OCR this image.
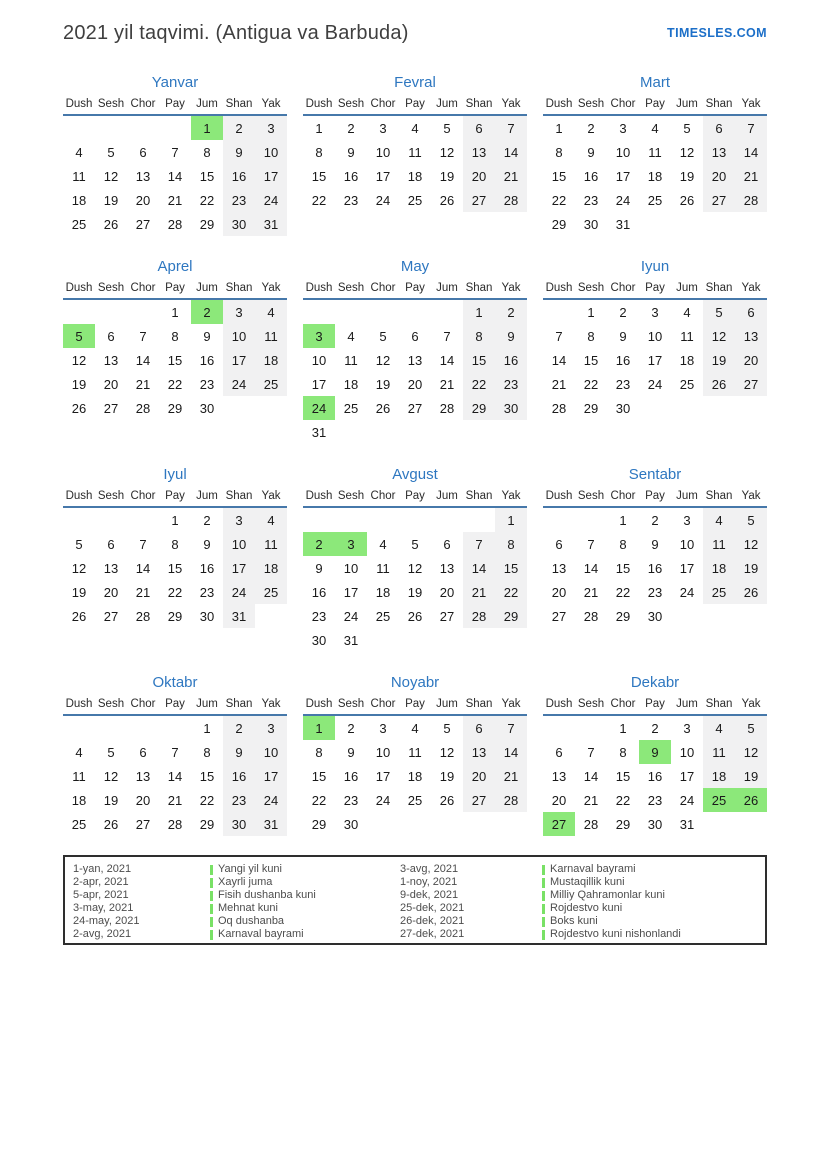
2021 yil taqvimi. (Antigua va Barbuda)	TIMESLES.COM
Yanvar
Dush	Sesh	Chor	Pay	Jum	Shan	Yak
				1	2	3
4	5	6	7	8	9	10
11	12	13	14	15	16	17
18	19	20	21	22	23	24
25	26	27	28	29	30	31
Fevral
Dush	Sesh	Chor	Pay	Jum	Shan	Yak
1	2	3	4	5	6	7
8	9	10	11	12	13	14
15	16	17	18	19	20	21
22	23	24	25	26	27	28
Mart
Dush	Sesh	Chor	Pay	Jum	Shan	Yak
1	2	3	4	5	6	7
8	9	10	11	12	13	14
15	16	17	18	19	20	21
22	23	24	25	26	27	28
29	30	31				
Aprel
Dush	Sesh	Chor	Pay	Jum	Shan	Yak
			1	2	3	4
5	6	7	8	9	10	11
12	13	14	15	16	17	18
19	20	21	22	23	24	25
26	27	28	29	30		
May
Dush	Sesh	Chor	Pay	Jum	Shan	Yak
					1	2
3	4	5	6	7	8	9
10	11	12	13	14	15	16
17	18	19	20	21	22	23
24	25	26	27	28	29	30
31						
Iyun
Dush	Sesh	Chor	Pay	Jum	Shan	Yak
	1	2	3	4	5	6
7	8	9	10	11	12	13
14	15	16	17	18	19	20
21	22	23	24	25	26	27
28	29	30				
Iyul
Dush	Sesh	Chor	Pay	Jum	Shan	Yak
			1	2	3	4
5	6	7	8	9	10	11
12	13	14	15	16	17	18
19	20	21	22	23	24	25
26	27	28	29	30	31	
Avgust
Dush	Sesh	Chor	Pay	Jum	Shan	Yak
						1
2	3	4	5	6	7	8
9	10	11	12	13	14	15
16	17	18	19	20	21	22
23	24	25	26	27	28	29
30	31					
Sentabr
Dush	Sesh	Chor	Pay	Jum	Shan	Yak
		1	2	3	4	5
6	7	8	9	10	11	12
13	14	15	16	17	18	19
20	21	22	23	24	25	26
27	28	29	30			
Oktabr
Dush	Sesh	Chor	Pay	Jum	Shan	Yak
				1	2	3
4	5	6	7	8	9	10
11	12	13	14	15	16	17
18	19	20	21	22	23	24
25	26	27	28	29	30	31
Noyabr
Dush	Sesh	Chor	Pay	Jum	Shan	Yak
1	2	3	4	5	6	7
8	9	10	11	12	13	14
15	16	17	18	19	20	21
22	23	24	25	26	27	28
29	30					
Dekabr
Dush	Sesh	Chor	Pay	Jum	Shan	Yak
		1	2	3	4	5
6	7	8	9	10	11	12
13	14	15	16	17	18	19
20	21	22	23	24	25	26
27	28	29	30	31		
1-yan, 2021	Yangi yil kuni
2-apr, 2021	Xayrli juma
5-apr, 2021	Fisih dushanba kuni
3-may, 2021	Mehnat kuni
24-may, 2021	Oq dushanba
2-avg, 2021	Karnaval bayrami
3-avg, 2021	Karnaval bayrami
1-noy, 2021	Mustaqillik kuni
9-dek, 2021	Milliy Qahramonlar kuni
25-dek, 2021	Rojdestvo kuni
26-dek, 2021	Boks kuni
27-dek, 2021	Rojdestvo kuni nishonlandi
